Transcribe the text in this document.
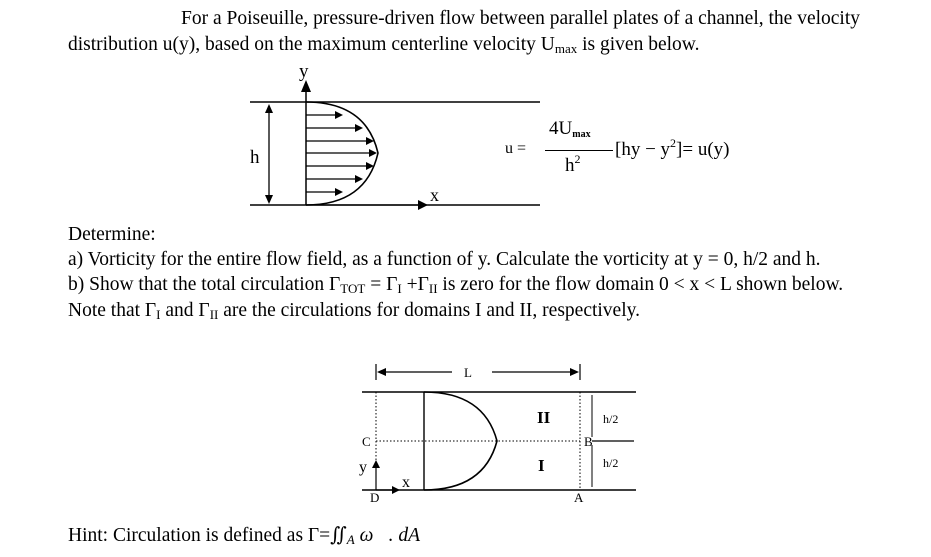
For a Poiseuille, pressure-driven flow between parallel plates of a channel, the velocity
distribution u(y), based on the maximum centerline velocity $U_{max}$ is given below.
y
h
x
L
C
D
y
x
II
I
B
A
h/2
h/2
u =
4Umax
$h^2$ $[hy - y^2]= u(y)$
Determine:
a) Vorticity for the entire flow field, as a function of y. Calculate the vorticity at y = 0, h/2 and h.
b) Show that the total circulation $\Gamma_{TOT} = \Gamma_I +\Gamma_{II}$ is zero for the flow domain 0 < x < L shown below.
Note that $\Gamma_I$ and $\Gamma_{II}$ are the circulations for domains I and II, respectively.
Hint: Circulation is defined as $\Gamma=∬_A$ ω⃗. dA
